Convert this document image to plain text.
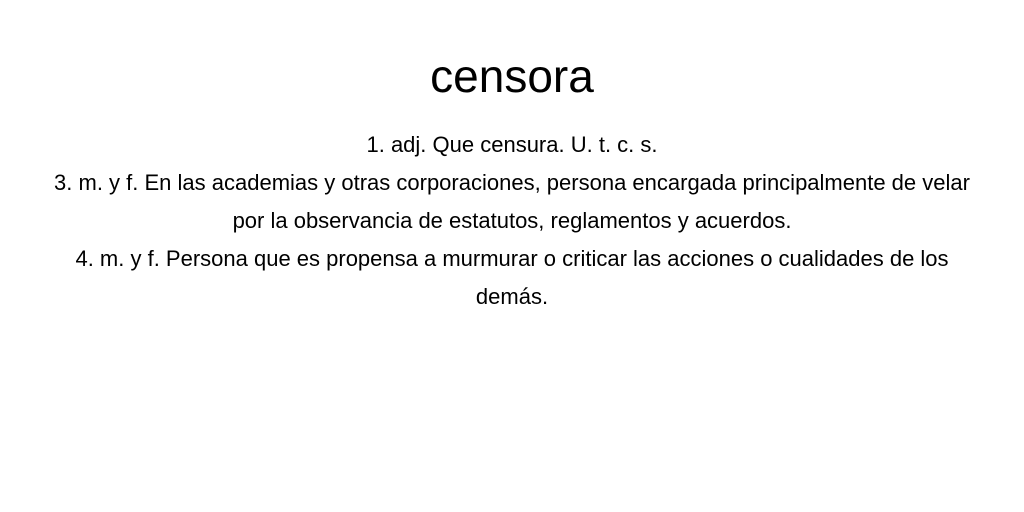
censora

1. adj. Que censura. U. t. c. s.

3. m. y f. En las academias y otras corporaciones, persona encargada principalmente de velar por la observancia de estatutos, reglamentos y acuerdos.

4. m. y f. Persona que es propensa a murmurar o criticar las acciones o cualidades de los demás.
